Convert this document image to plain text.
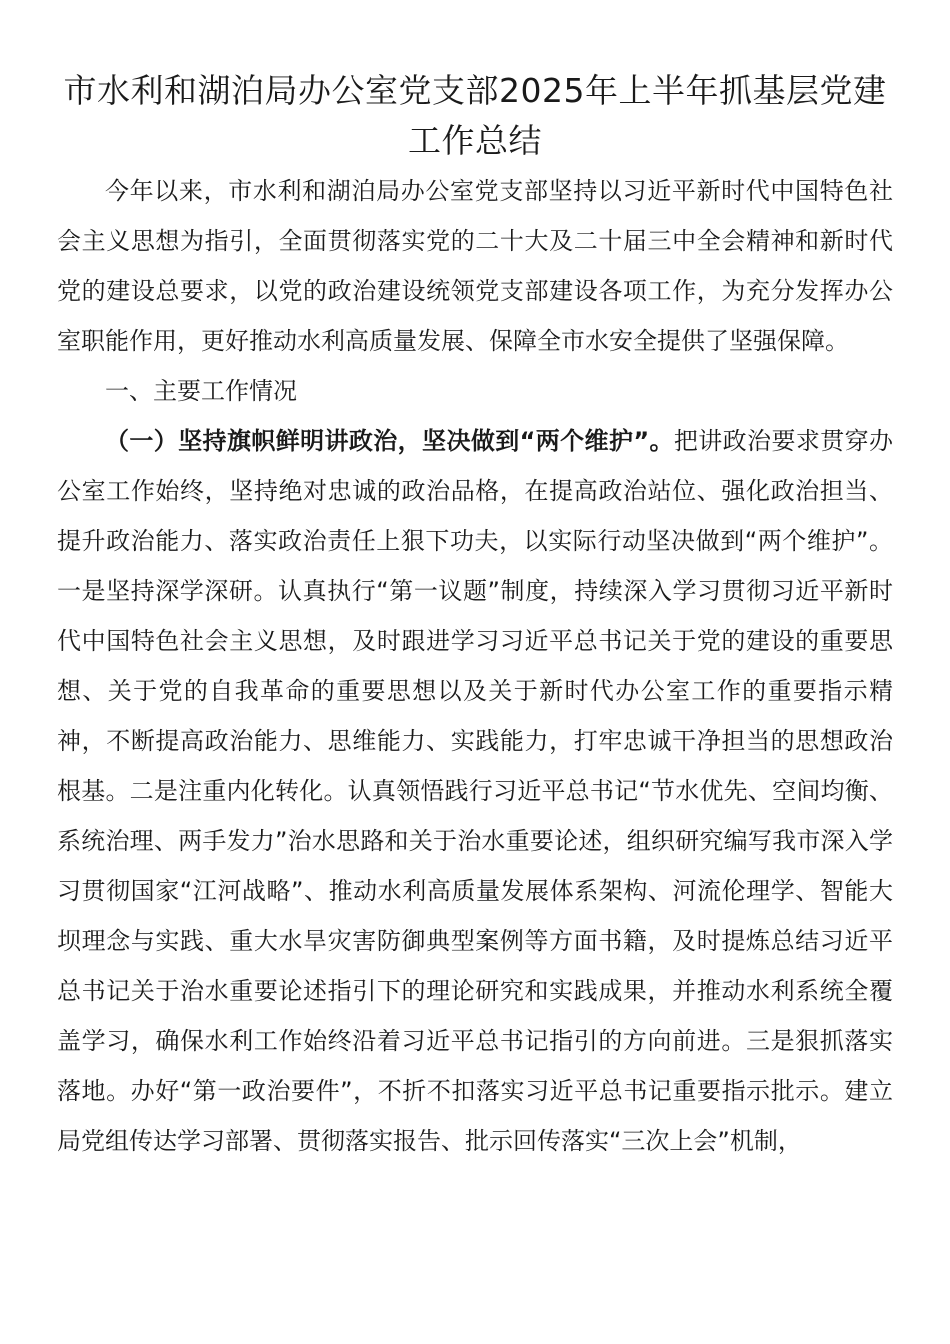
市水利和湖泊局办公室党支部2025年上半年抓基层党建工作总结

今年以来，市水利和湖泊局办公室党支部坚持以习近平新时代中国特色社会主义思想为指引，全面贯彻落实党的二十大及二十届三中全会精神和新时代党的建设总要求，以党的政治建设统领党支部建设各项工作，为充分发挥办公室职能作用，更好推动水利高质量发展、保障全市水安全提供了坚强保障。

一、主要工作情况

（一）坚持旗帜鲜明讲政治，坚决做到“两个维护”。把讲政治要求贯穿办公室工作始终，坚持绝对忠诚的政治品格，在提高政治站位、强化政治担当、提升政治能力、落实政治责任上狠下功夫，以实际行动坚决做到“两个维护”。一是坚持深学深研。认真执行“第一议题”制度，持续深入学习贯彻习近平新时代中国特色社会主义思想，及时跟进学习习近平总书记关于党的建设的重要思想、关于党的自我革命的重要思想以及关于新时代办公室工作的重要指示精神，不断提高政治能力、思维能力、实践能力，打牢忠诚干净担当的思想政治根基。二是注重内化转化。认真领悟践行习近平总书记“节水优先、空间均衡、系统治理、两手发力”治水思路和关于治水重要论述，组织研究编写我市深入学习贯彻国家“江河战略”、推动水利高质量发展体系架构、河流伦理学、智能大坝理念与实践、重大水旱灾害防御典型案例等方面书籍，及时提炼总结习近平总书记关于治水重要论述指引下的理论研究和实践成果，并推动水利系统全覆盖学习，确保水利工作始终沿着习近平总书记指引的方向前进。三是狠抓落实落地。办好“第一政治要件”，不折不扣落实习近平总书记重要指示批示。建立局党组传达学习部署、贯彻落实报告、批示回传落实“三次上会”机制，
